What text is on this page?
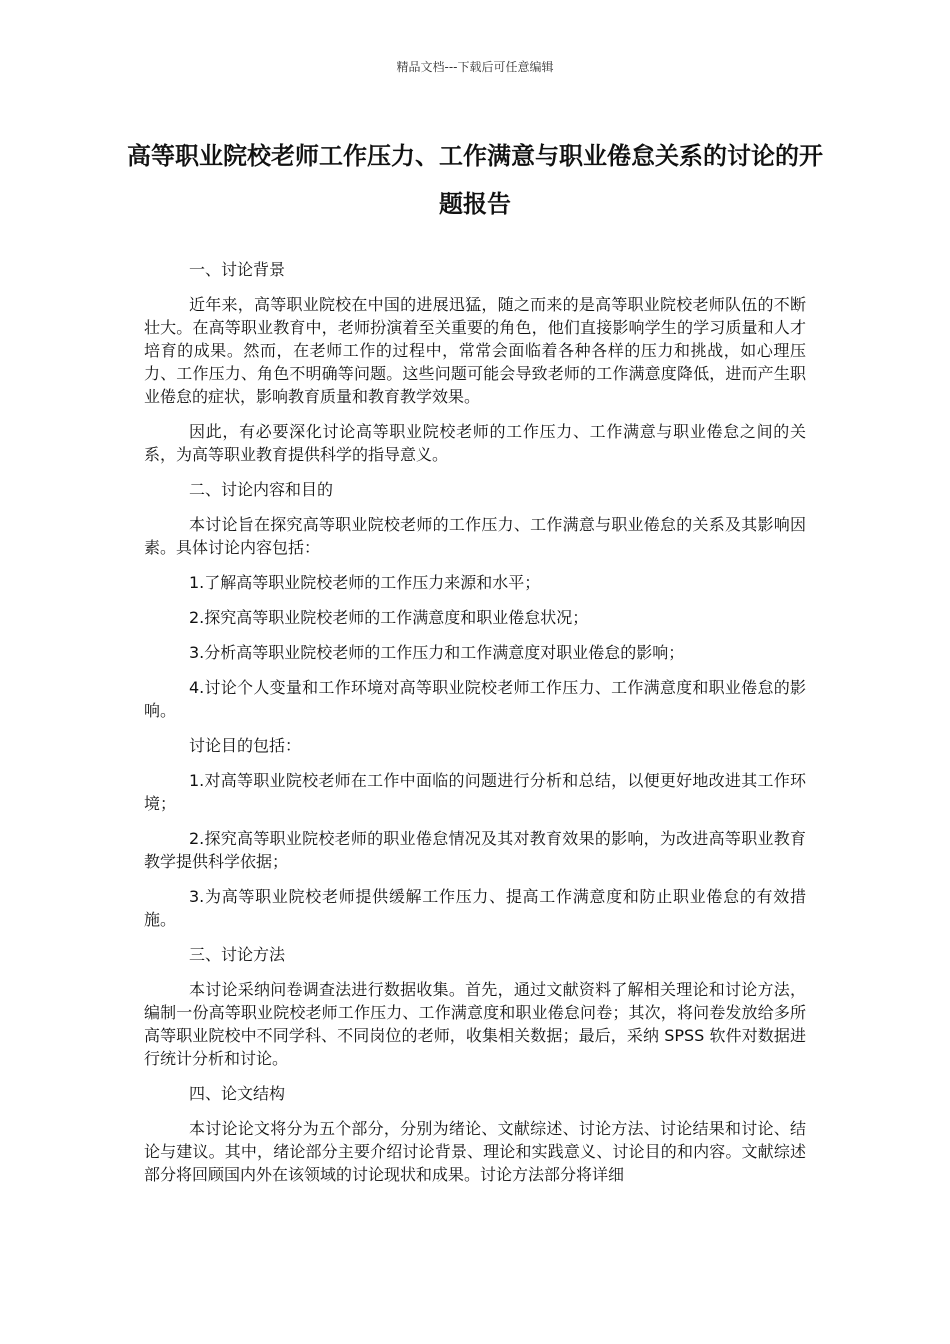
精品文档---下载后可任意编辑
高等职业院校老师工作压力、工作满意与职业倦怠关系的讨论的开题报告

一、讨论背景

近年来，高等职业院校在中国的进展迅猛，随之而来的是高等职业院校老师队伍的不断壮大。在高等职业教育中，老师扮演着至关重要的角色，他们直接影响学生的学习质量和人才培育的成果。然而，在老师工作的过程中，常常会面临着各种各样的压力和挑战，如心理压力、工作压力、角色不明确等问题。这些问题可能会导致老师的工作满意度降低，进而产生职业倦怠的症状，影响教育质量和教育教学效果。

因此，有必要深化讨论高等职业院校老师的工作压力、工作满意与职业倦怠之间的关系，为高等职业教育提供科学的指导意义。

二、讨论内容和目的

本讨论旨在探究高等职业院校老师的工作压力、工作满意与职业倦怠的关系及其影响因素。具体讨论内容包括：

1.了解高等职业院校老师的工作压力来源和水平；

2.探究高等职业院校老师的工作满意度和职业倦怠状况；

3.分析高等职业院校老师的工作压力和工作满意度对职业倦怠的影响；

4.讨论个人变量和工作环境对高等职业院校老师工作压力、工作满意度和职业倦怠的影响。

讨论目的包括：

1.对高等职业院校老师在工作中面临的问题进行分析和总结，以便更好地改进其工作环境；

2.探究高等职业院校老师的职业倦怠情况及其对教育效果的影响，为改进高等职业教育教学提供科学依据；

3.为高等职业院校老师提供缓解工作压力、提高工作满意度和防止职业倦怠的有效措施。

三、讨论方法

本讨论采纳问卷调查法进行数据收集。首先，通过文献资料了解相关理论和讨论方法，编制一份高等职业院校老师工作压力、工作满意度和职业倦怠问卷；其次，将问卷发放给多所高等职业院校中不同学科、不同岗位的老师，收集相关数据；最后，采纳 SPSS 软件对数据进行统计分析和讨论。

四、论文结构

本讨论论文将分为五个部分，分别为绪论、文献综述、讨论方法、讨论结果和讨论、结论与建议。其中，绪论部分主要介绍讨论背景、理论和实践意义、讨论目的和内容。文献综述部分将回顾国内外在该领域的讨论现状和成果。讨论方法部分将详细
